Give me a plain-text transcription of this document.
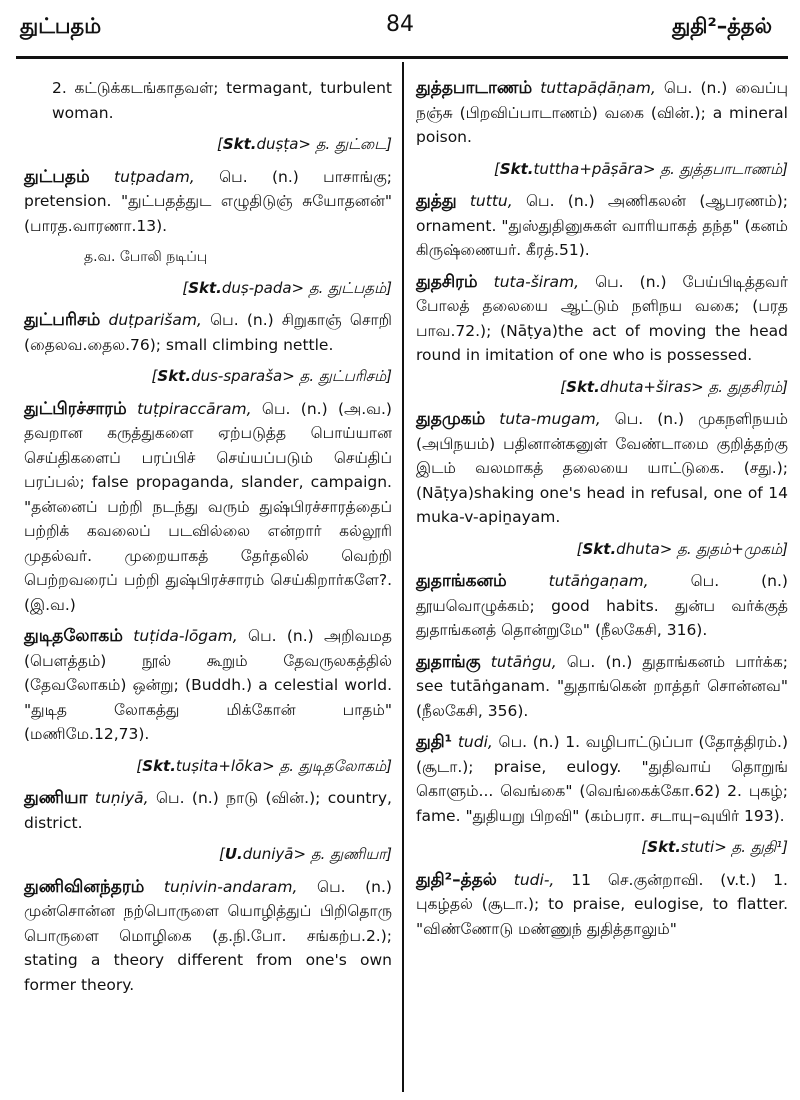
துட்பதம்	84	துதி²–த்தல்

2. கட்டுக்கடங்காதவள்; termagant, turbulent woman.

[Skt.duṣṭa> த. துட்டை]

துட்பதம் tuṭpadam, பெ. (n.) பாசாங்கு; pretension. "துட்பதத்துட எழுதிடுஞ் சுயோதனன்" (பாரத.வாரணா.13).

த.வ. போலி நடிப்பு

[Skt.duṣ-pada> த. துட்பதம்]

துட்பரிசம் duṭparišam, பெ. (n.) சிறுகாஞ் சொறி (தைலவ.தைல.76); small climbing nettle.

[Skt.dus-sparaša> த. துட்பரிசம்]

துட்பிரச்சாரம் tuṭpiraccāram, பெ. (n.) (அ.வ.) தவறான கருத்துகளை ஏற்படுத்த பொய்யான செய்திகளைப் பரப்பிச் செய்யப்படும் செய்திப் பரப்பல்; false propaganda, slander, campaign. "தன்னைப் பற்றி நடந்து வரும் துஷ்பிரச்சாரத்தைப் பற்றிக் கவலைப் படவில்லை என்றார் கல்லூரி முதல்வர். முறையாகத் தேர்தலில் வெற்றி பெற்றவரைப் பற்றி துஷ்பிரச்சாரம் செய்கிறார்களே?. (இ.வ.)

துடிதலோகம் tuṭida-lōgam, பெ. (n.) அறிவமத (பௌத்தம்) நூல் கூறும் தேவருலகத்தில் (தேவலோகம்) ஒன்று; (Buddh.) a celestial world. "துடித லோகத்து மிக்கோன் பாதம்" (மணிமே.12,73).

[Skt.tuṣita+lōka> த. துடிதலோகம்]

துணியா tuṇiyā, பெ. (n.) நாடு (வின்.); country, district.

[U.duniyā> த. துணியா]

துணிவினந்தரம் tuṇivin-andaram, பெ. (n.) முன்சொன்ன நற்பொருளை யொழித்துப் பிறிதொரு பொருளை மொழிகை (த.நி.போ. சங்கற்ப.2.); stating a theory different from one's own former theory.

துத்தபாடாணம் tuttapāḍāṇam, பெ. (n.) வைப்பு நஞ்சு (பிறவிப்பாடாணம்) வகை (வின்.); a mineral poison.

[Skt.tuttha+pāṣāra> த. துத்தபாடாணம்]

துத்து tuttu, பெ. (n.) அணிகலன் (ஆபரணம்); ornament. "துஸ்துதினுசுகள் வாரியாகத் தந்த" (கனம் கிருஷ்ணையர். கீரத்.51).

துதசிரம் tuta-širam, பெ. (n.) பேய்பிடித்தவர் போலத் தலையை ஆட்டும் நளிநய வகை; (பரத பாவ.72.); (Nāṭya)the act of moving the head round in imitation of one who is possessed.

[Skt.dhuta+širas> த. துதசிரம்]

துதமுகம் tuta-mugam, பெ. (n.) முகநளிநயம் (அபிநயம்) பதினான்கனுள் வேண்டாமை குறித்தற்கு இடம் வலமாகத் தலையை யாட்டுகை. (சது.); (Nāṭya)shaking one's head in refusal, one of 14 muka-v-apiṉayam.

[Skt.dhuta> த. துதம்+முகம்]

துதாங்கனம்	tutāṅgaṇam,	பெ. (n.) தூயவொழுக்கம்; good habits. துன்ப வர்க்குத் துதாங்கனத் தொன்றுமே" (நீலகேசி, 316).

துதாங்கு tutāṅgu, பெ. (n.) துதாங்கனம் பார்க்க; see tutāṅganam. "துதாங்கென் றாத்தர் சொன்னவ" (நீலகேசி, 356).

துதி¹ tudi, பெ. (n.) 1. வழிபாட்டுப்பா (தோத்திரம்.) (சூடா.); praise, eulogy. "துதிவாய் தொறுங் கொளும்... வெங்கை" (வெங்கைக்கோ.62) 2. புகழ்; fame. "துதியறு பிறவி" (கம்பரா. சடாயு–வுயிர் 193).

[Skt.stuti> த. துதி¹]

துதி²–த்தல் tudi-, 11 செ.குன்றாவி. (v.t.) 1. புகழ்தல் (சூடா.); to praise, eulogise, to flatter. "விண்ணோடு மண்ணுந் துதித்தாலும்"
